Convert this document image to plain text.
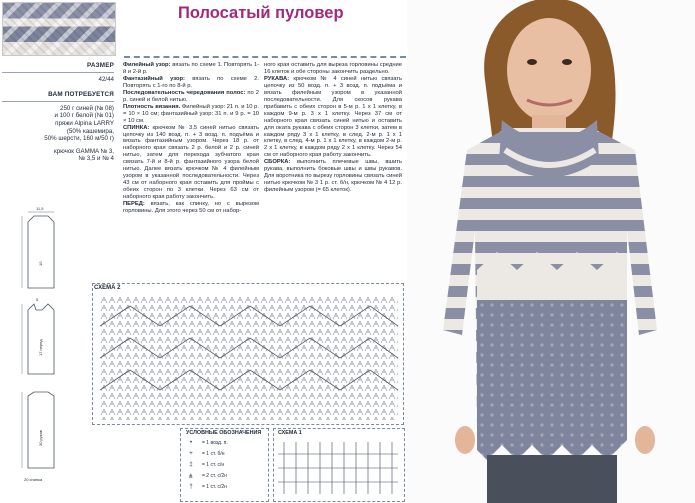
РАЗМЕР
42/44
ВАМ ПОТРЕБУЕТСЯ
250 г синей (№ 08)
и 100 г белой (№ 01)
пряжи Alpina LARRY
(50% кашемира,
50% шерсти, 160 м/50 г)
крючок GAMMA № 3,
№ 3,5 и № 4
Полосатый пуловер
Филейный узор: вязать по схеме 1. Повторять 1-й и 2-й р.
Фантазийный узор: вязать по схеме 2. Повторять с 1-го по 8-й р.
Последовательность чередования полос: по 2 р. синей и белой нитью.
Плотность вязания. Филейный узор: 21 п. и 10 р. = 10 × 10 см; фантазийный узор: 31 п. и 9 р. = 10 × 10 см.
СПИНКА: крючком № 3,5 синей нитью связать цепочку из 140 возд. п. + 3 возд. п. подъёма и вязать фантазийным узором. Через 18 р. от наборного края связать 2 р. белой и 2 р. синей нитью, затем для перехода зубчатого края связать 7-й и 8-й р. фантазийного узора белой нитью. Далее вязать крючком № 4 филейным узором в указанной последовательности. Через 43 см от наборного края оставить для проймы с обеих сторон по 3 клетки. Через 63 см от наборного края работу закончить.
ПЕРЕД: вязать, как спинку, но с вырезом горловины. Для этого через 50 см от набор-
ного края оставить для выреза горловины средние 16 клеток и обе стороны закончить раздельно.
РУКАВА: крючком № 4 синей нитью связать цепочку из 50 возд. п. + 3 возд. п. подъёма и вязать филейным узором в указанной последовательности. Для скосов рукава прибавить с обеих сторон в 5-м р. 1 х 1 клетку, в каждом 9-м р. 3 х 1 клетку. Через 37 см от наборного края связать синей нитью и оставить для оката рукава с обеих сторон 3 клетки, затем в каждом ряду 3 х 1 клетку, в след. 2-м р. 1 х 1 клетку, в след. 4-м р. 1 х 1 клетку, в каждом 2-м р. 2 х 1 клетку, в каждом ряду 2 х 1 клетку. Через 54 см от наборного края работу закончить.
СБОРКА: выполнить плечевые швы, вшить рукава, выполнить боковые швы и швы рукавов. Для воротника по вырезу горловины связать синей нитью крючком № 3 1 р. ст. б/н, крючком № 4 12 р. филейным узором (= 65 клеток).
11,5
10
5
17 перед
30 рукав
20 спинка
СХЕМА 2
УСЛОВНЫЕ ОБОЗНАЧЕНИЯ
•	= 1 возд. п.
+	= 1 ст. б/н
‡	= 1 ст. с/н
⋔	= 2 ст. с/2н
†	= 1 ст. с/2н
СХЕМА 1
